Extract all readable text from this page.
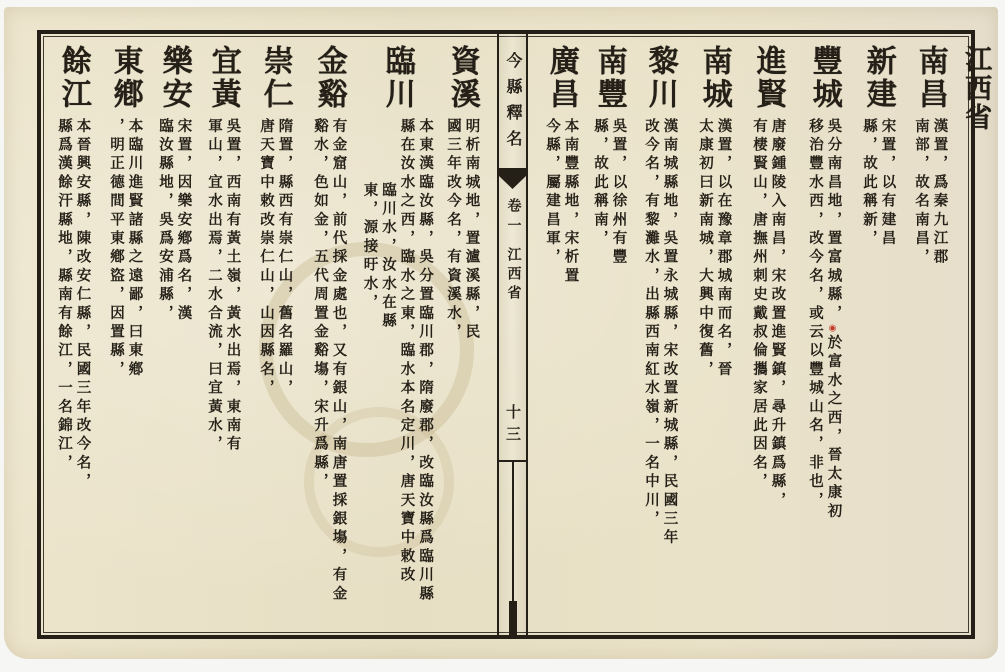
資溪
明析南城地，置瀘溪縣，民
國三年改今名，有資溪水，
臨川
本東漢臨汝縣，吳分置臨川郡，隋廢郡，改臨汝縣爲臨川縣
縣在汝水之西，臨水之東，臨水本名定川，唐天寶中敕改
臨川水，汝水在縣
東，源接旴水，
金谿
有金窟山，前代採金處也，又有銀山，南唐置採銀塲，有金
谿水，色如金，五代周置金谿塲，宋升爲縣，
崇仁
隋置，縣西有崇仁山，舊名羅山，
唐天寶中敕改崇仁山，山因縣名，
宜黃
吳置，西南有黃土嶺，黃水出焉，東南有
軍山，宜水出焉，二水合流，曰宜黃水，
樂安
宋置，因樂安鄕爲名，漢
臨汝縣地，吳爲安浦縣，
東鄕
本臨川進賢諸縣之遠鄙，曰東鄕
，明正德間平東鄕盜，因置縣，
餘江
本晉興安縣，陳改安仁縣，民國三年改今名，
縣爲漢餘汗縣地，縣南有餘江，一名錦江，
今縣釋名
卷一
江西省
十三
江西省
南昌
漢置，爲秦九江郡
南部，故名南昌，
新建
宋置，以有建昌
縣，故此稱新，
豐城
吳分南昌地，置富城縣，◉於富水之西，晉太康初
移治豐水西，改今名，或云以豐城山名，非也，
進賢
唐廢鍾陵入南昌，宋改置進賢鎮，尋升鎮爲縣，
有棲賢山，唐撫州刺史戴叔倫攜家居此因名，
南城
漢置，以在豫章郡城南而名，晉
太康初曰新南城，大興中復舊，
黎川
漢南城縣地，吳置永城縣，宋改置新城縣，民國三年
改今名，有黎灘水，出縣西南紅水嶺，一名中川，
南豐
吳置，以徐州有豐
縣，故此稱南，
廣昌
本南豐縣地，宋析置
今縣，屬建昌軍，
